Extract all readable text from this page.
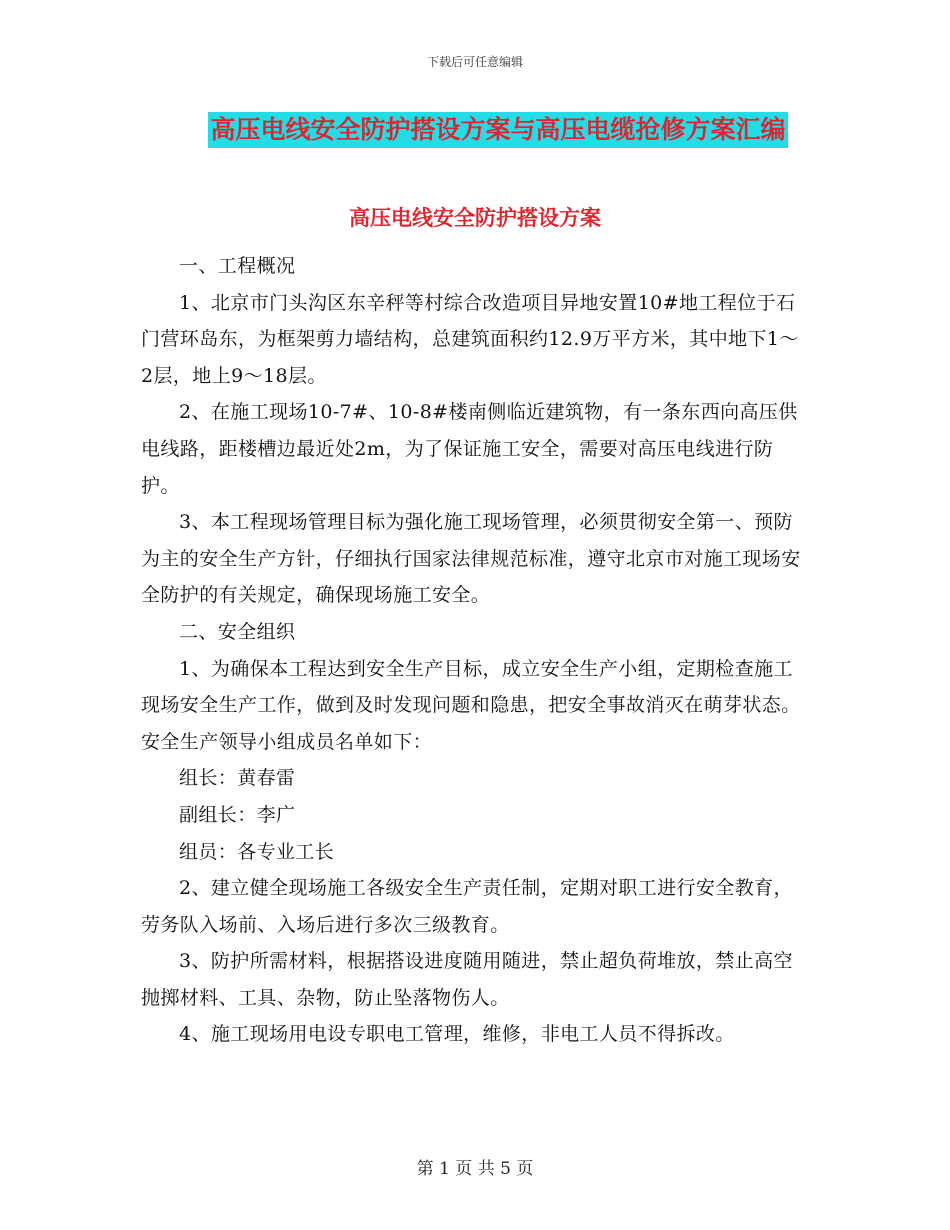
下载后可任意编辑
高压电线安全防护搭设方案与高压电缆抢修方案汇编
高压电线安全防护搭设方案

一、工程概况

1、北京市门头沟区东辛秤等村综合改造项目异地安置10#地工程位于石门营环岛东，为框架剪力墙结构，总建筑面积约12.9万平方米，其中地下1～2层，地上9～18层。

2、在施工现场10-7#、10-8#楼南侧临近建筑物，有一条东西向高压供电线路，距楼槽边最近处2m，为了保证施工安全，需要对高压电线进行防护。

3、本工程现场管理目标为强化施工现场管理，必须贯彻安全第一、预防为主的安全生产方针，仔细执行国家法律规范标准，遵守北京市对施工现场安全防护的有关规定，确保现场施工安全。

二、安全组织

1、为确保本工程达到安全生产目标，成立安全生产小组，定期检查施工现场安全生产工作，做到及时发现问题和隐患，把安全事故消灭在萌芽状态。安全生产领导小组成员名单如下：

组长：黄春雷

副组长：李广

组员：各专业工长

2、建立健全现场施工各级安全生产责任制，定期对职工进行安全教育，劳务队入场前、入场后进行多次三级教育。

3、防护所需材料，根据搭设进度随用随进，禁止超负荷堆放，禁止高空抛掷材料、工具、杂物，防止坠落物伤人。

4、施工现场用电设专职电工管理，维修，非电工人员不得拆改。

第 1 页 共 5 页
